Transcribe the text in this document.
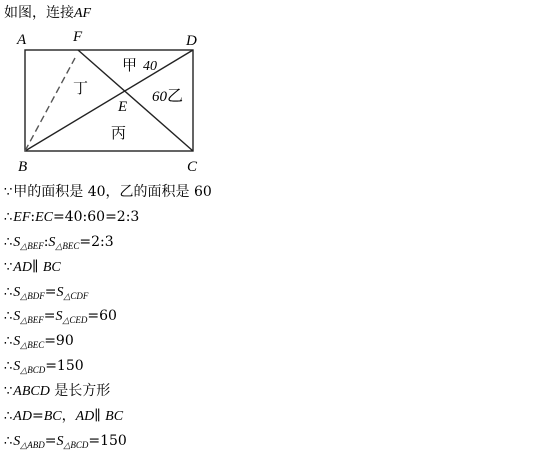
如图，连接AF
A	F	D
B	C
E
甲 40
60 乙
丙
丁
∵甲的面积是 40，乙的面积是 60
∴EF:EC=40:60=2:3
$\therefore S_{\triangle BEF}:S_{\triangle BEC}=2:3$
∵AD∥ BC
$\therefore S_{\triangle BDF}=S_{\triangle CDF}$
$\therefore S_{\triangle BEF}=S_{\triangle CED}=60$
$\therefore S_{\triangle BEC}=90$
$\therefore S_{\triangle BCD}=150$
∵ABCD 是长方形
∴AD=BC，AD∥ BC
$\therefore S_{\triangle ABD}=S_{\triangle BCD}=150$
